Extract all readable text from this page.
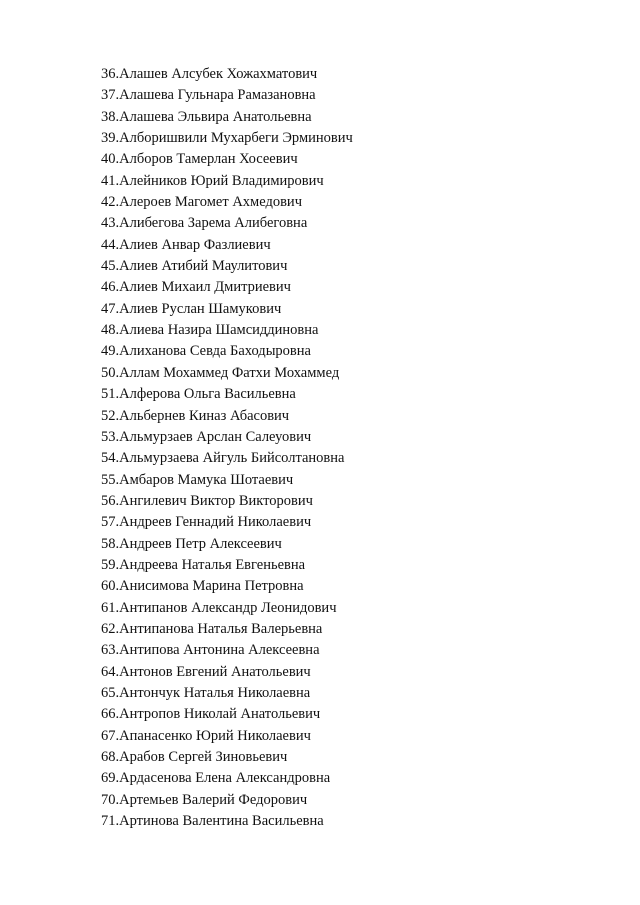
36.Алашев Алсубек Хожахматович
37.Алашева Гульнара Рамазановна
38.Алашева Эльвира Анатольевна
39.Алборишвили Мухарбеги Эрминович
40.Алборов Тамерлан Хосеевич
41.Алейников Юрий Владимирович
42.Алероев Магомет Ахмедович
43.Алибегова Зарема Алибеговна
44.Алиев Анвар Фазлиевич
45.Алиев Атибий Маулитович
46.Алиев Михаил Дмитриевич
47.Алиев Руслан Шамукович
48.Алиева Назира Шамсиддиновна
49.Алиханова Севда Баходыровна
50.Аллам Мохаммед Фатхи Мохаммед
51.Алферова Ольга Васильевна
52.Альбернев Киназ Абасович
53.Альмурзаев Арслан Салеуович
54.Альмурзаева Айгуль Бийсолтановна
55.Амбаров Мамука Шотаевич
56.Ангилевич Виктор Викторович
57.Андреев Геннадий Николаевич
58.Андреев Петр Алексеевич
59.Андреева Наталья Евгеньевна
60.Анисимова Марина Петровна
61.Антипанов Александр Леонидович
62.Антипанова Наталья Валерьевна
63.Антипова Антонина Алексеевна
64.Антонов Евгений Анатольевич
65.Антончук Наталья Николаевна
66.Антропов Николай Анатольевич
67.Апанасенко Юрий Николаевич
68.Арабов Сергей Зиновьевич
69.Ардасенова Елена Александровна
70.Артемьев Валерий Федорович
71.Артинова Валентина Васильевна
